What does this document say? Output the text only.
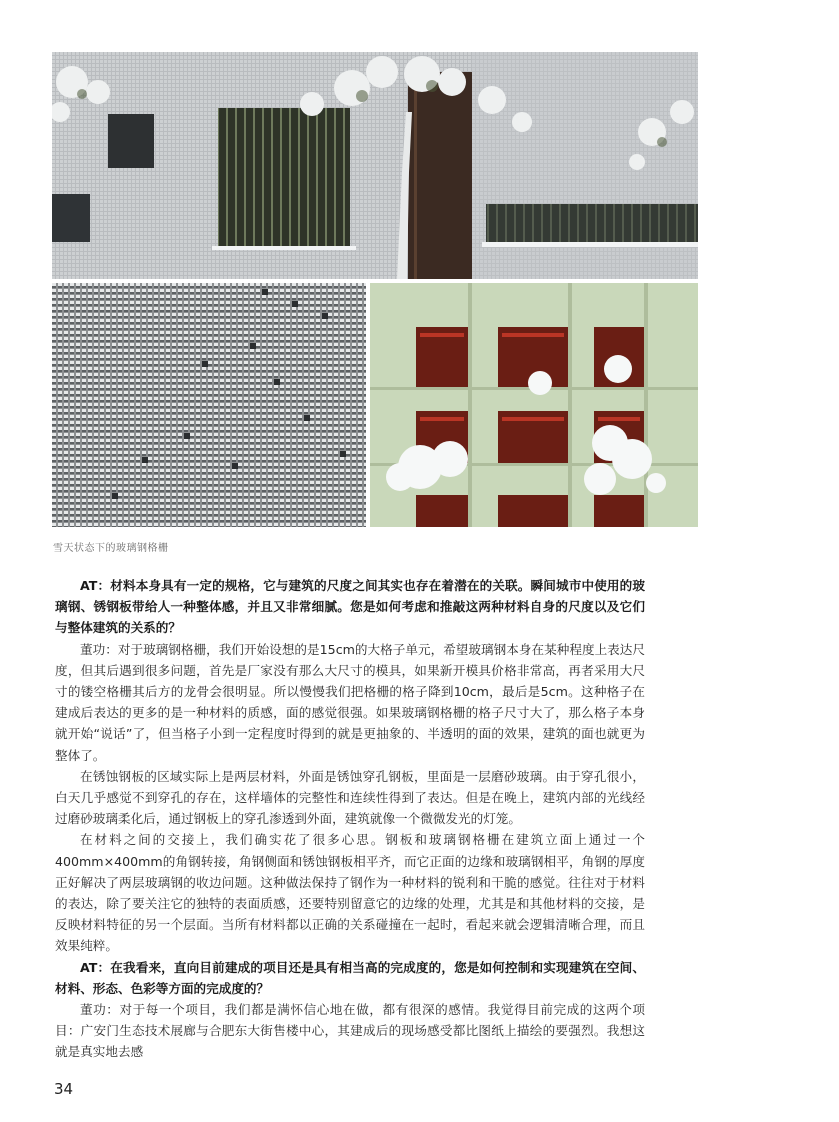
雪天状态下的玻璃钢格栅

AT：材料本身具有一定的规格，它与建筑的尺度之间其实也存在着潜在的关联。瞬间城市中使用的玻璃钢、锈钢板带给人一种整体感，并且又非常细腻。您是如何考虑和推敲这两种材料自身的尺度以及它们与整体建筑的关系的？

董功：对于玻璃钢格栅，我们开始设想的是15cm的大格子单元，希望玻璃钢本身在某种程度上表达尺度，但其后遇到很多问题，首先是厂家没有那么大尺寸的模具，如果新开模具价格非常高，再者采用大尺寸的镂空格栅其后方的龙骨会很明显。所以慢慢我们把格栅的格子降到10cm，最后是5cm。这种格子在建成后表达的更多的是一种材料的质感，面的感觉很强。如果玻璃钢格栅的格子尺寸大了，那么格子本身就开始“说话”了，但当格子小到一定程度时得到的就是更抽象的、半透明的面的效果，建筑的面也就更为整体了。

在锈蚀钢板的区域实际上是两层材料，外面是锈蚀穿孔钢板，里面是一层磨砂玻璃。由于穿孔很小，白天几乎感觉不到穿孔的存在，这样墙体的完整性和连续性得到了表达。但是在晚上，建筑内部的光线经过磨砂玻璃柔化后，通过钢板上的穿孔渗透到外面，建筑就像一个微微发光的灯笼。

在材料之间的交接上，我们确实花了很多心思。钢板和玻璃钢格栅在建筑立面上通过一个400mm×400mm的角钢转接，角钢侧面和锈蚀钢板相平齐，而它正面的边缘和玻璃钢相平，角钢的厚度正好解决了两层玻璃钢的收边问题。这种做法保持了钢作为一种材料的锐利和干脆的感觉。往往对于材料的表达，除了要关注它的独特的表面质感，还要特别留意它的边缘的处理，尤其是和其他材料的交接，是反映材料特征的另一个层面。当所有材料都以正确的关系碰撞在一起时，看起来就会逻辑清晰合理，而且效果纯粹。

AT：在我看来，直向目前建成的项目还是具有相当高的完成度的，您是如何控制和实现建筑在空间、材料、形态、色彩等方面的完成度的？

董功：对于每一个项目，我们都是满怀信心地在做，都有很深的感情。我觉得目前完成的这两个项目：广安门生态技术展廊与合肥东大街售楼中心，其建成后的现场感受都比图纸上描绘的要强烈。我想这就是真实地去感

34
